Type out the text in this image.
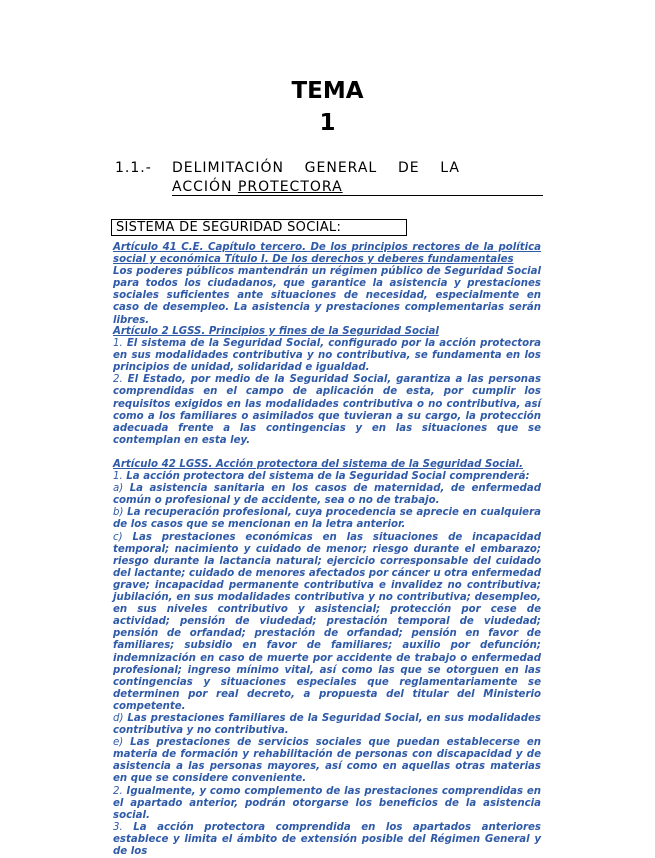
TEMA
1
1.1.- DELIMITACIÓN GENERAL DE LA
ACCIÓN PROTECTORA
SISTEMA DE SEGURIDAD SOCIAL:

Artículo 41 C.E. Capítulo tercero. De los principios rectores de la política social y económica Título I. De los derechos y deberes fundamentales

Los poderes públicos mantendrán un régimen público de Seguridad Social para todos los ciudadanos, que garantice la asistencia y prestaciones sociales suficientes ante situaciones de necesidad, especialmente en caso de desempleo. La asistencia y prestaciones complementarias serán libres.

Artículo 2 LGSS. Principios y fines de la Seguridad Social

1. El sistema de la Seguridad Social, configurado por la acción protectora en sus modalidades contributiva y no contributiva, se fundamenta en los principios de unidad, solidaridad e igualdad.

2. El Estado, por medio de la Seguridad Social, garantiza a las personas comprendidas en el campo de aplicación de esta, por cumplir los requisitos exigidos en las modalidades contributiva o no contributiva, así como a los familiares o asimilados que tuvieran a su cargo, la protección adecuada frente a las contingencias y en las situaciones que se contemplan en esta ley.

Artículo 42 LGSS. Acción protectora del sistema de la Seguridad Social.

1. La acción protectora del sistema de la Seguridad Social comprenderá:

a) La asistencia sanitaria en los casos de maternidad, de enfermedad común o profesional y de accidente, sea o no de trabajo.

b) La recuperación profesional, cuya procedencia se aprecie en cualquiera de los casos que se mencionan en la letra anterior.

c) Las prestaciones económicas en las situaciones de incapacidad temporal; nacimiento y cuidado de menor; riesgo durante el embarazo; riesgo durante la lactancia natural; ejercicio corresponsable del cuidado del lactante; cuidado de menores afectados por cáncer u otra enfermedad grave; incapacidad permanente contributiva e invalidez no contributiva; jubilación, en sus modalidades contributiva y no contributiva; desempleo, en sus niveles contributivo y asistencial; protección por cese de actividad; pensión de viudedad; prestación temporal de viudedad; pensión de orfandad; prestación de orfandad; pensión en favor de familiares; subsidio en favor de familiares; auxilio por defunción; indemnización en caso de muerte por accidente de trabajo o enfermedad profesional; ingreso mínimo vital, así como las que se otorguen en las contingencias y situaciones especiales que reglamentariamente se determinen por real decreto, a propuesta del titular del Ministerio competente.

d) Las prestaciones familiares de la Seguridad Social, en sus modalidades contributiva y no contributiva.

e) Las prestaciones de servicios sociales que puedan establecerse en materia de formación y rehabilitación de personas con discapacidad y de asistencia a las personas mayores, así como en aquellas otras materias en que se considere conveniente.

2. Igualmente, y como complemento de las prestaciones comprendidas en el apartado anterior, podrán otorgarse los beneficios de la asistencia social.

3. La acción protectora comprendida en los apartados anteriores establece y limita el ámbito de extensión posible del Régimen General y de los
